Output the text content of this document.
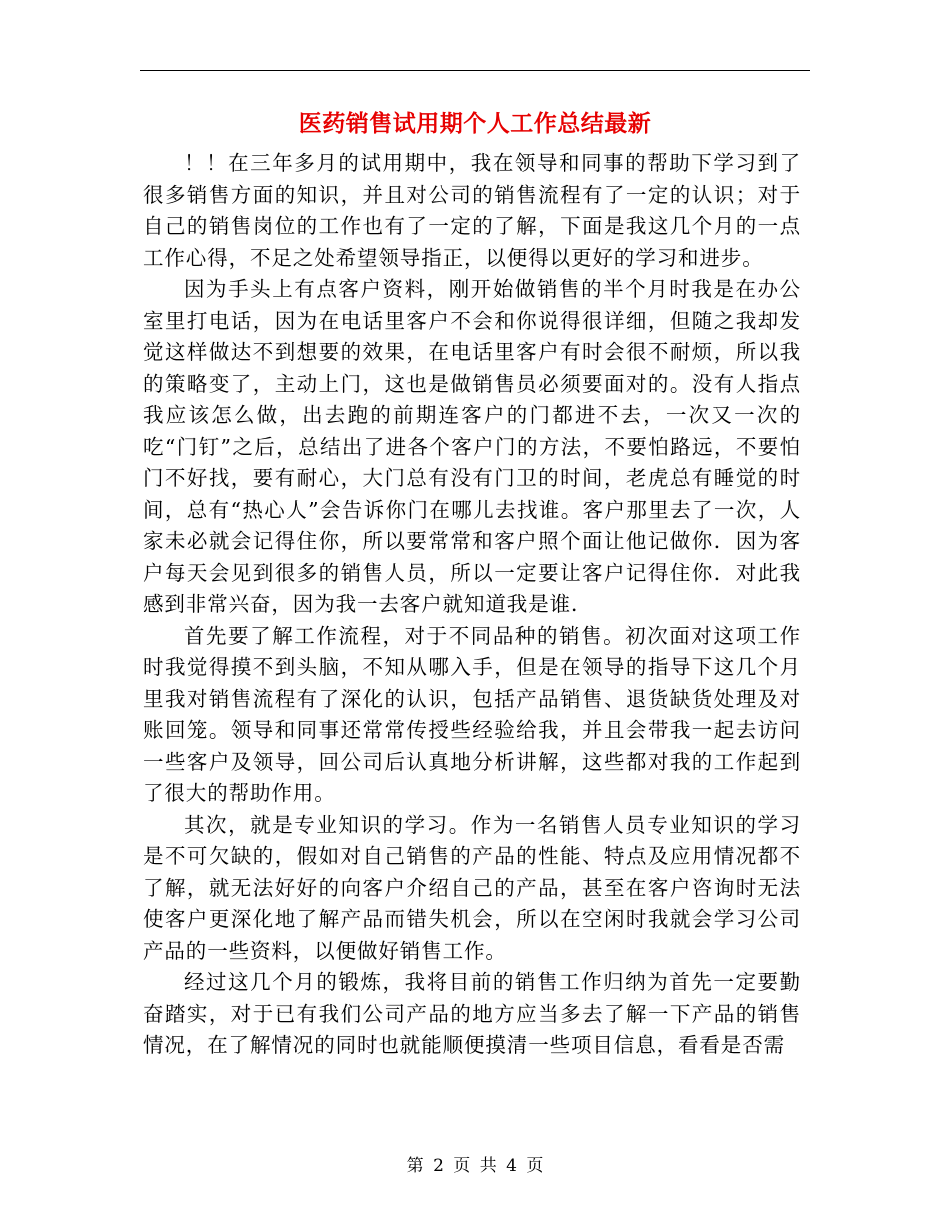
医药销售试用期个人工作总结最新

！！在三年多月的试用期中，我在领导和同事的帮助下学习到了很多销售方面的知识，并且对公司的销售流程有了一定的认识；对于自己的销售岗位的工作也有了一定的了解，下面是我这几个月的一点工作心得，不足之处希望领导指正，以便得以更好的学习和进步。

因为手头上有点客户资料，刚开始做销售的半个月时我是在办公室里打电话，因为在电话里客户不会和你说得很详细，但随之我却发觉这样做达不到想要的效果，在电话里客户有时会很不耐烦，所以我的策略变了，主动上门，这也是做销售员必须要面对的。没有人指点我应该怎么做，出去跑的前期连客户的门都进不去，一次又一次的吃“门钉”之后，总结出了进各个客户门的方法，不要怕路远，不要怕门不好找，要有耐心，大门总有没有门卫的时间，老虎总有睡觉的时间，总有“热心人”会告诉你门在哪儿去找谁。客户那里去了一次，人家未必就会记得住你，所以要常常和客户照个面让他记做你．因为客户每天会见到很多的销售人员，所以一定要让客户记得住你．对此我感到非常兴奋，因为我一去客户就知道我是谁．

首先要了解工作流程，对于不同品种的销售。初次面对这项工作时我觉得摸不到头脑，不知从哪入手，但是在领导的指导下这几个月里我对销售流程有了深化的认识，包括产品销售、退货缺货处理及对账回笼。领导和同事还常常传授些经验给我，并且会带我一起去访问一些客户及领导，回公司后认真地分析讲解，这些都对我的工作起到了很大的帮助作用。

其次，就是专业知识的学习。作为一名销售人员专业知识的学习是不可欠缺的，假如对自己销售的产品的性能、特点及应用情况都不了解，就无法好好的向客户介绍自己的产品，甚至在客户咨询时无法使客户更深化地了解产品而错失机会，所以在空闲时我就会学习公司产品的一些资料，以便做好销售工作。

经过这几个月的锻炼，我将目前的销售工作归纳为首先一定要勤奋踏实，对于已有我们公司产品的地方应当多去了解一下产品的销售情况，在了解情况的同时也就能顺便摸清一些项目信息，看看是否需

第 2 页 共 4 页
